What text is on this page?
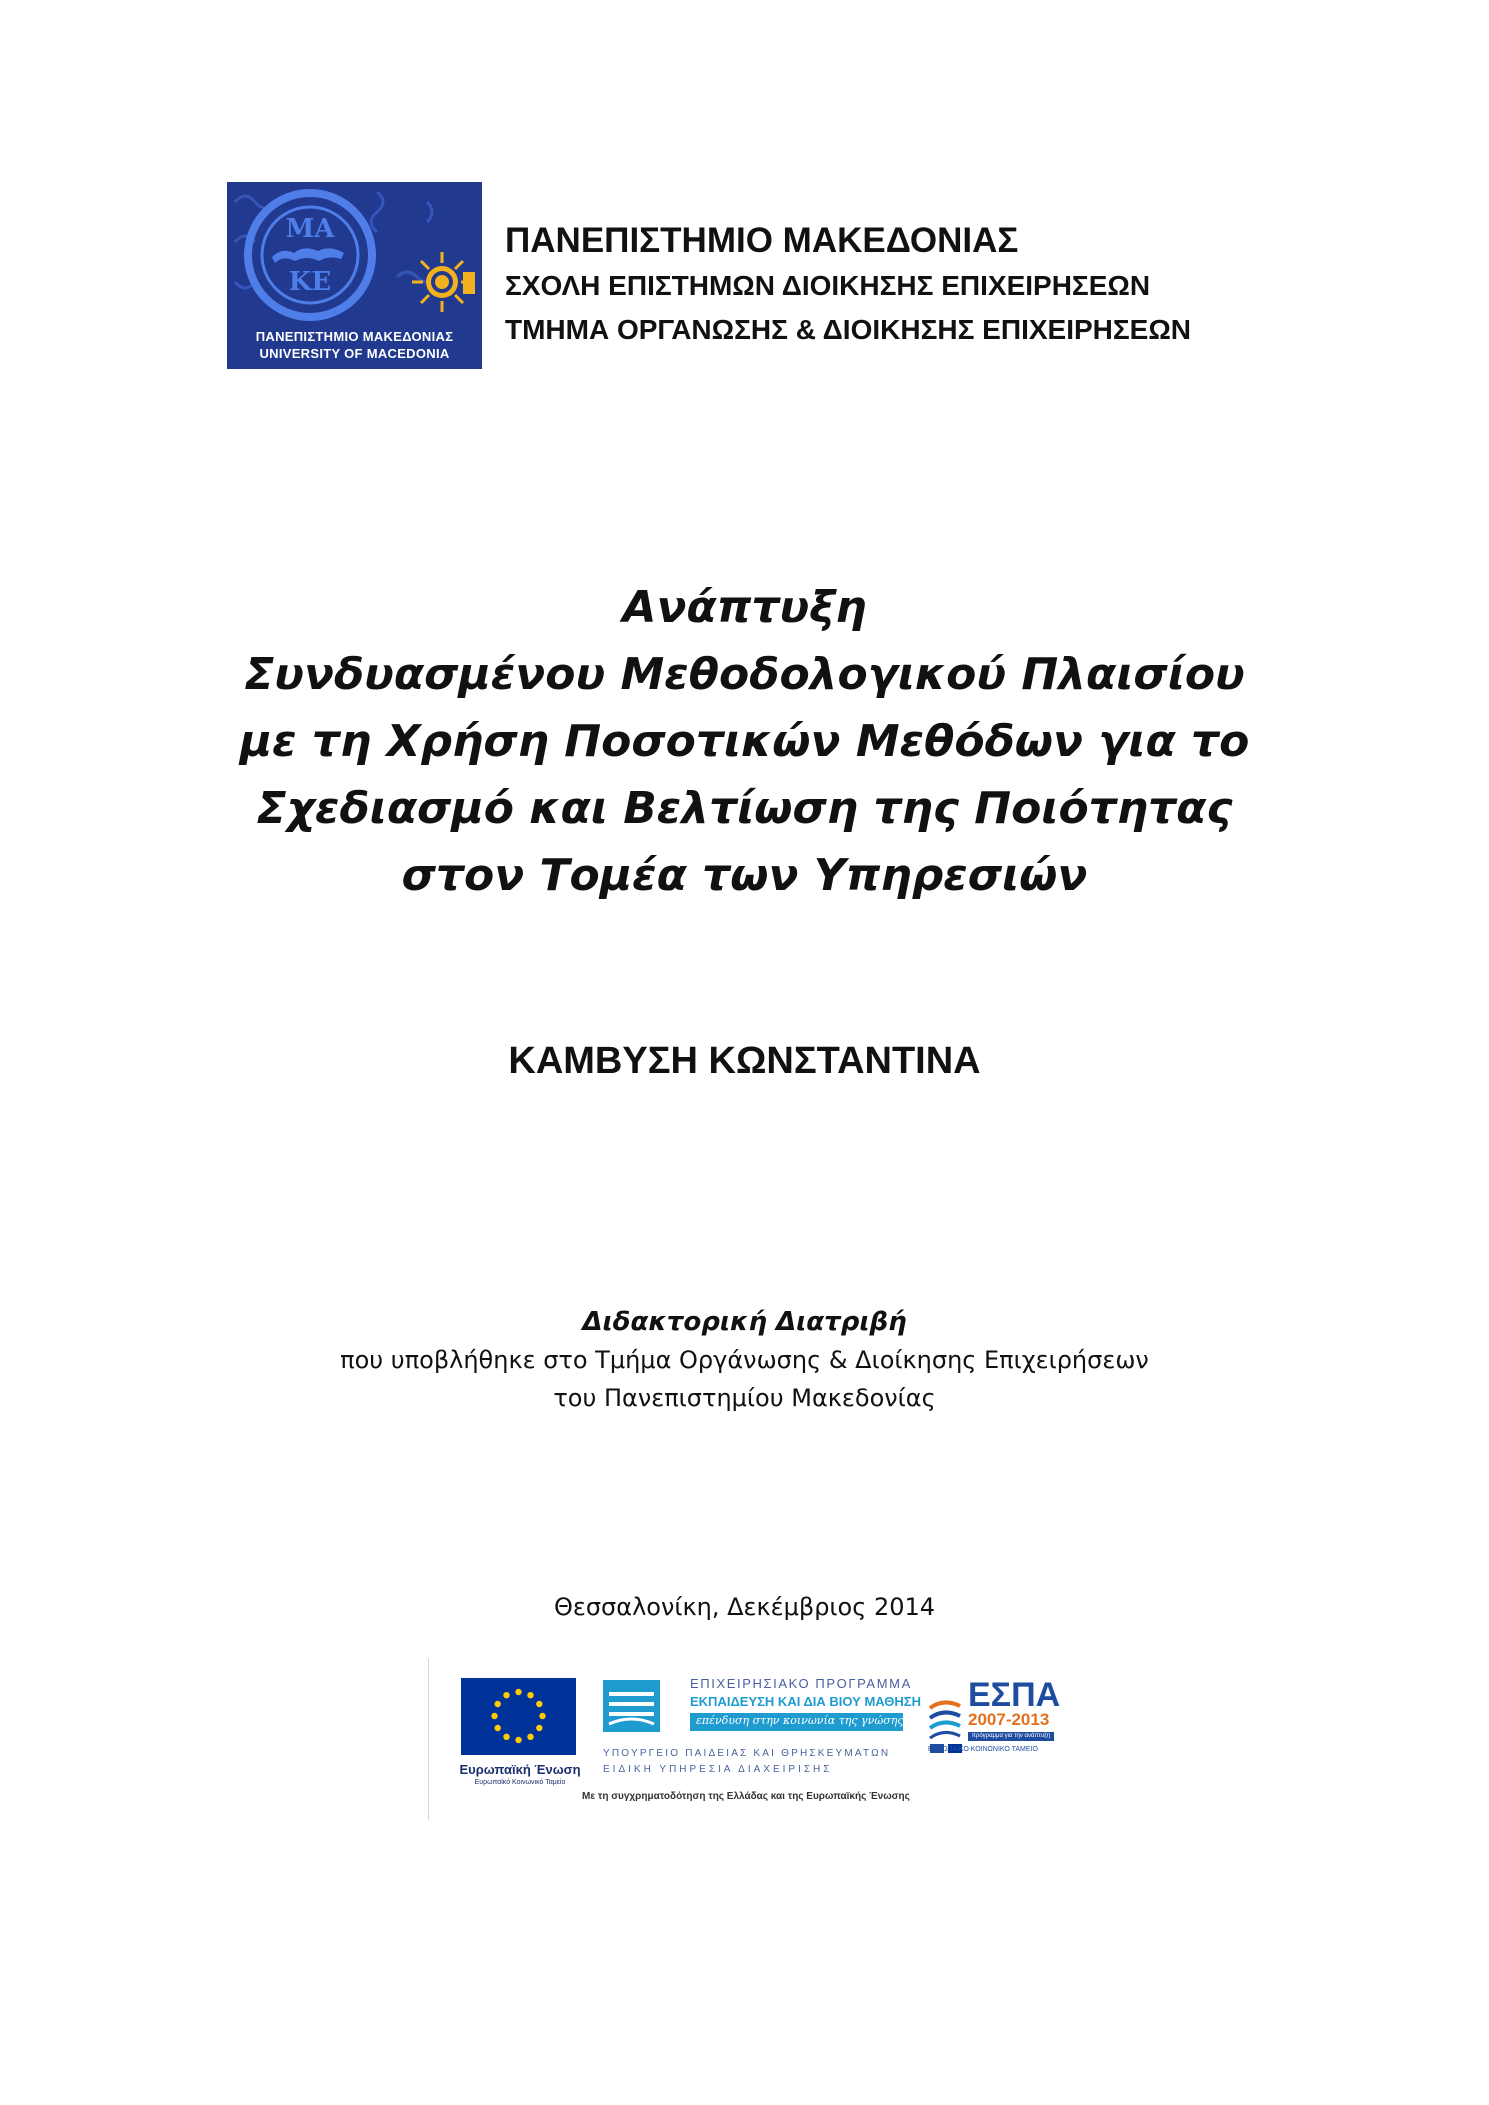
ΜΑ
ΚΕ
ΠΑΝΕΠΙΣΤΗΜΙΟ ΜΑΚΕΔΟΝΙΑΣ
UNIVERSITY OF MACEDONIA
ΠΑΝΕΠΙΣΤΗΜΙΟ ΜΑΚΕΔΟΝΙΑΣ
ΣΧΟΛΗ ΕΠΙΣΤΗΜΩΝ ΔΙΟΙΚΗΣΗΣ ΕΠΙΧΕΙΡΗΣΕΩΝ
ΤΜΗΜΑ ΟΡΓΑΝΩΣΗΣ & ΔΙΟΙΚΗΣΗΣ ΕΠΙΧΕΙΡΗΣΕΩΝ
Ανάπτυξη
Συνδυασμένου Μεθοδολογικού Πλαισίου
με τη Χρήση Ποσοτικών Μεθόδων για το
Σχεδιασμό και Βελτίωση της Ποιότητας
στον Τομέα των Υπηρεσιών
ΚΑΜΒΥΣΗ ΚΩΝΣΤΑΝΤΙΝΑ
Διδακτορική Διατριβή
που υποβλήθηκε στο Τμήμα Οργάνωσης & Διοίκησης Επιχειρήσεων
του Πανεπιστημίου Μακεδονίας
Θεσσαλονίκη, Δεκέμβριος 2014
Ευρωπαϊκή Ένωση
Ευρωπαϊκό Κοινωνικό Ταμείο
ΕΠΙΧΕΙΡΗΣΙΑΚΟ ΠΡΟΓΡΑΜΜΑ
ΕΚΠΑΙΔΕΥΣΗ ΚΑΙ ΔΙΑ ΒΙΟΥ ΜΑΘΗΣΗ
επένδυση στην κοινωνία της γνώσης
ΥΠΟΥΡΓΕΙΟ ΠΑΙΔΕΙΑΣ ΚΑΙ ΘΡΗΣΚΕΥΜΑΤΩΝ
ΕΙΔΙΚΗ ΥΠΗΡΕΣΙΑ ΔΙΑΧΕΙΡΙΣΗΣ
ΕΣΠΑ
2007-2013
πρόγραμμα για την ανάπτυξη
ΕΥΡΩΠΑΪΚΟ ΚΟΙΝΩΝΙΚΟ ΤΑΜΕΙΟ
Με τη συγχρηματοδότηση της Ελλάδας και της Ευρωπαϊκής Ένωσης
